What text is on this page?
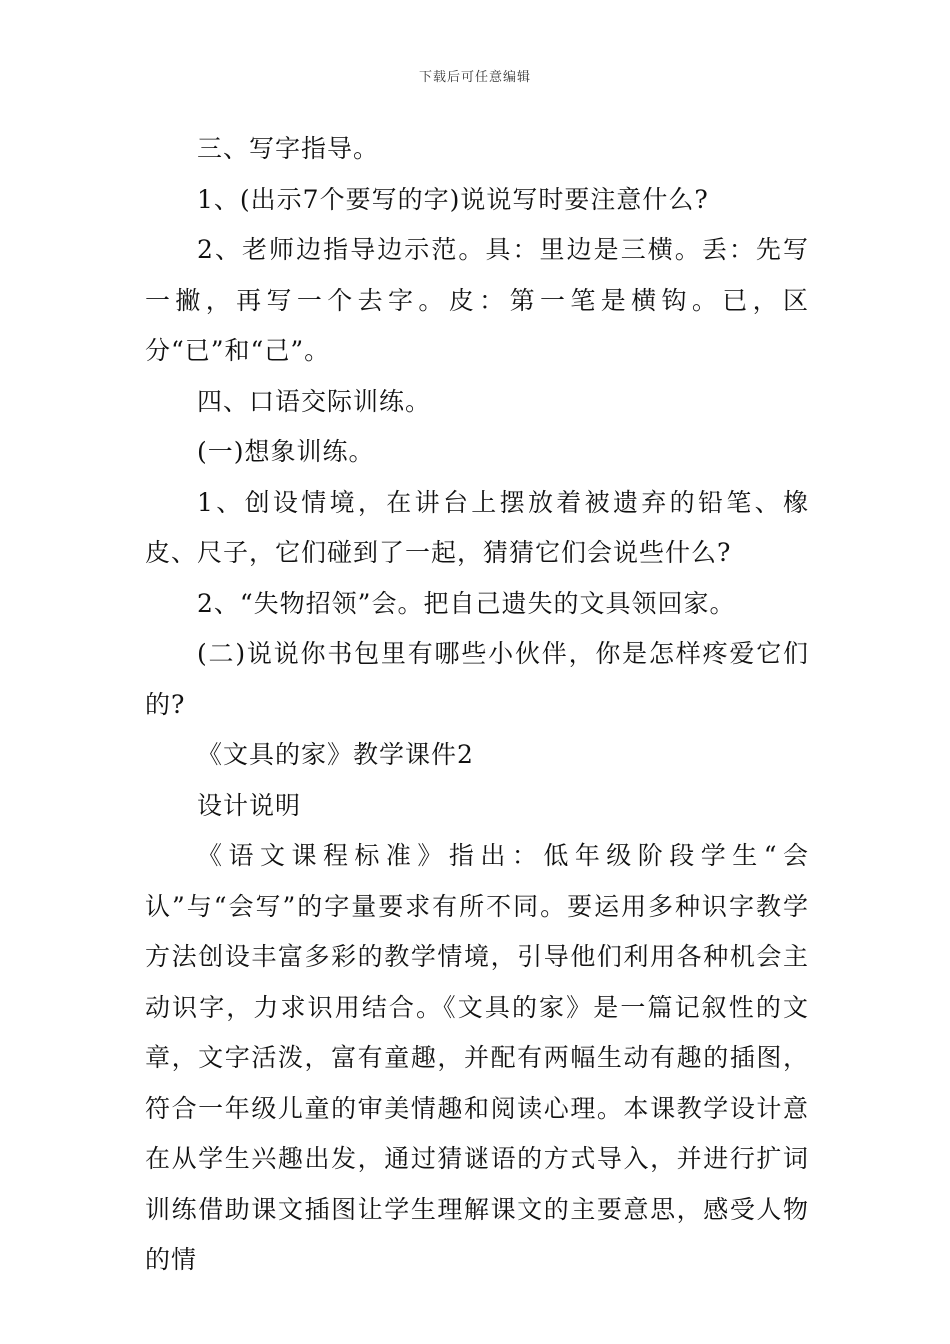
下载后可任意编辑

三、写字指导。

1、(出示7个要写的字)说说写时要注意什么?

2、老师边指导边示范。具：里边是三横。丢：先写一撇，再写一个去字。皮：第一笔是横钩。已，区分“已”和“己”。

四、口语交际训练。

(一)想象训练。

1、创设情境，在讲台上摆放着被遗弃的铅笔、橡皮、尺子，它们碰到了一起，猜猜它们会说些什么?

2、“失物招领”会。把自己遗失的文具领回家。

(二)说说你书包里有哪些小伙伴，你是怎样疼爱它们的?

《文具的家》教学课件2

设计说明

《语文课程标准》指出：低年级阶段学生“会认”与“会写”的字量要求有所不同。要运用多种识字教学方法创设丰富多彩的教学情境，引导他们利用各种机会主动识字，力求识用结合。《文具的家》是一篇记叙性的文章，文字活泼，富有童趣，并配有两幅生动有趣的插图，符合一年级儿童的审美情趣和阅读心理。本课教学设计意在从学生兴趣出发，通过猜谜语的方式导入，并进行扩词训练借助课文插图让学生理解课文的主要意思，感受人物的情
